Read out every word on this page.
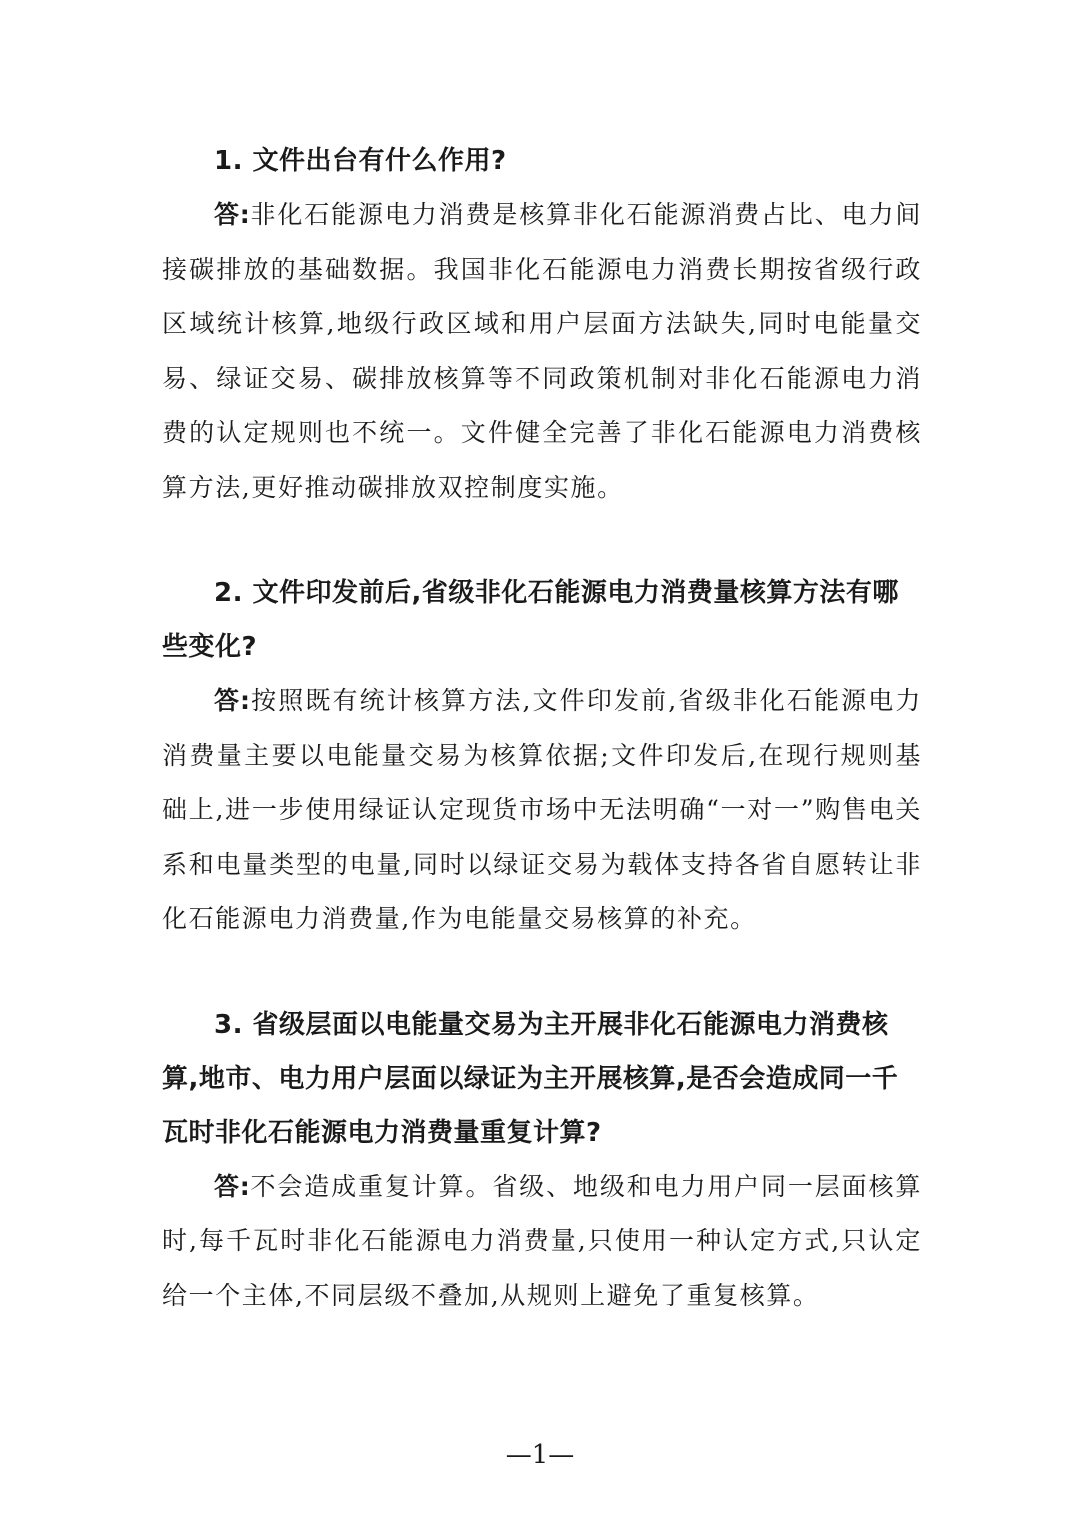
1. 文件出台有什么作用?

答:非化石能源电力消费是核算非化石能源消费占比、电力间接碳排放的基础数据。我国非化石能源电力消费长期按省级行政区域统计核算,地级行政区域和用户层面方法缺失,同时电能量交易、绿证交易、碳排放核算等不同政策机制对非化石能源电力消费的认定规则也不统一。文件健全完善了非化石能源电力消费核算方法,更好推动碳排放双控制度实施。

2. 文件印发前后,省级非化石能源电力消费量核算方法有哪些变化?

答:按照既有统计核算方法,文件印发前,省级非化石能源电力消费量主要以电能量交易为核算依据;文件印发后,在现行规则基础上,进一步使用绿证认定现货市场中无法明确“一对一”购售电关系和电量类型的电量,同时以绿证交易为载体支持各省自愿转让非化石能源电力消费量,作为电能量交易核算的补充。

3. 省级层面以电能量交易为主开展非化石能源电力消费核算,地市、电力用户层面以绿证为主开展核算,是否会造成同一千瓦时非化石能源电力消费量重复计算?

答:不会造成重复计算。省级、地级和电力用户同一层面核算时,每千瓦时非化石能源电力消费量,只使用一种认定方式,只认定给一个主体,不同层级不叠加,从规则上避免了重复核算。

—1—
